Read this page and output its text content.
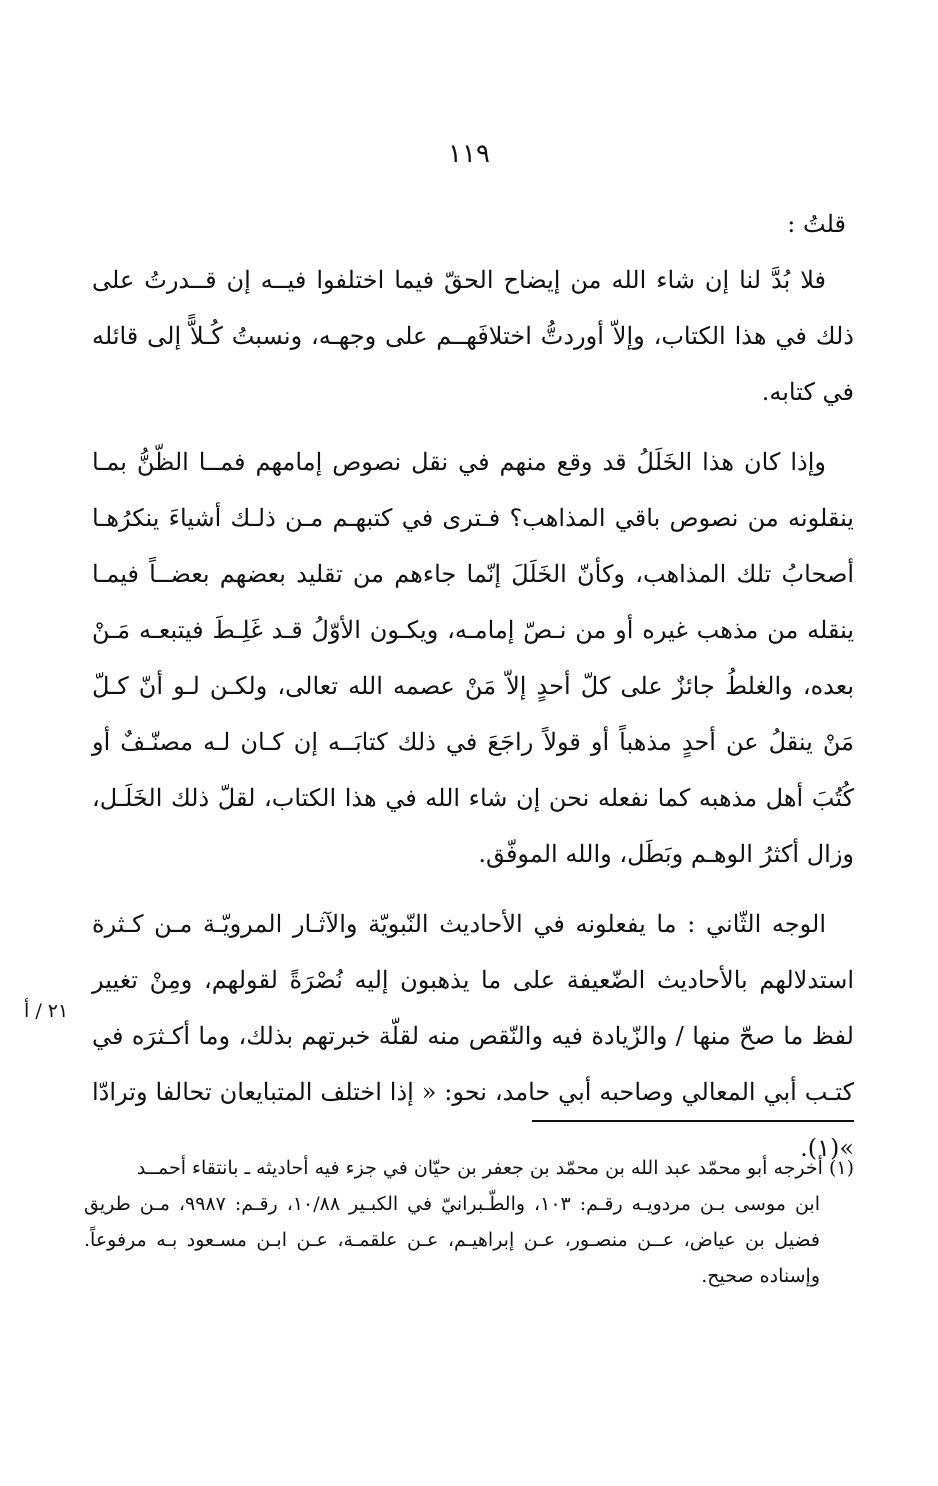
١١٩

قلتُ :

فلا بُدَّ لنا إن شاء الله من إيضاح الحقّ فيما اختلفوا فيــه إن قــدرتُ على ذلك في هذا الكتاب، وإلاّ أوردتُّ اختلافَهــم على وجهـه، ونسبتُ كُـلاًّ إلى قائله في كتابه.

وإذا كان هذا الخَلَلُ قد وقع منهم في نقل نصوص إمامهم فمــا الظّنُّ بمـا ينقلونه من نصوص باقي المذاهب؟ فـترى في كتبهـم مـن ذلـك أشياءَ ينكرُهـا أصحابُ تلك المذاهب، وكأنّ الخَلَلَ إنّما جاءهم من تقليد بعضهم بعضــاً فيمـا ينقله من مذهب غيره أو من نـصّ إمامـه، ويكـون الأوّلُ قـد غَلِـطَ فيتبعـه مَـنْ بعده، والغلطُ جائزٌ على كلّ أحدٍ إلاّ مَنْ عصمه الله تعالى، ولكـن لـو أنّ كـلّ مَنْ ينقلُ عن أحدٍ مذهباً أو قولاً راجَعَ في ذلك كتابَــه إن كـان لـه مصنّـفٌ أو كُتُبَ أهل مذهبه كما نفعله نحن إن شاء الله في هذا الكتاب، لقلّ ذلك الخَلَـل، وزال أكثرُ الوهـم وبَطَل، والله الموفّق.

الوجه الثّاني : ما يفعلونه في الأحاديث النّبويّة والآثـار المرويّـة مـن كـثرة استدلالهم بالأحاديث الضّعيفة على ما يذهبون إليه نُصْرَةً لقولهم، ومِنْ تغيير لفظ ما صحّ منها / والزّيادة فيه والنّقص منه لقلّة خبرتهم بذلك، وما أكـثرَه في كتـب أبي المعالي وصاحبه أبي حامد، نحو: « إذا اختلف المتبايعان تحالفا وترادّا »(١).

٢١ / أ

(١) أخرجه أبو محمّد عبد الله بن محمّد بن جعفر بن حيّان في جزء فيه أحاديثه ـ بانتقاء أحمــد
ابن موسى بـن مردويـه رقـم: ١٠٣، والطّـبرانيّ في الكبـير ١٠/٨٨، رقـم: ٩٩٨٧، مـن طريق فضيل بن عياض، عــن منصـور، عـن إبراهيـم، عـن علقمـة، عـن ابـن مسـعود بـه مرفوعاً. وإسناده صحيح.
